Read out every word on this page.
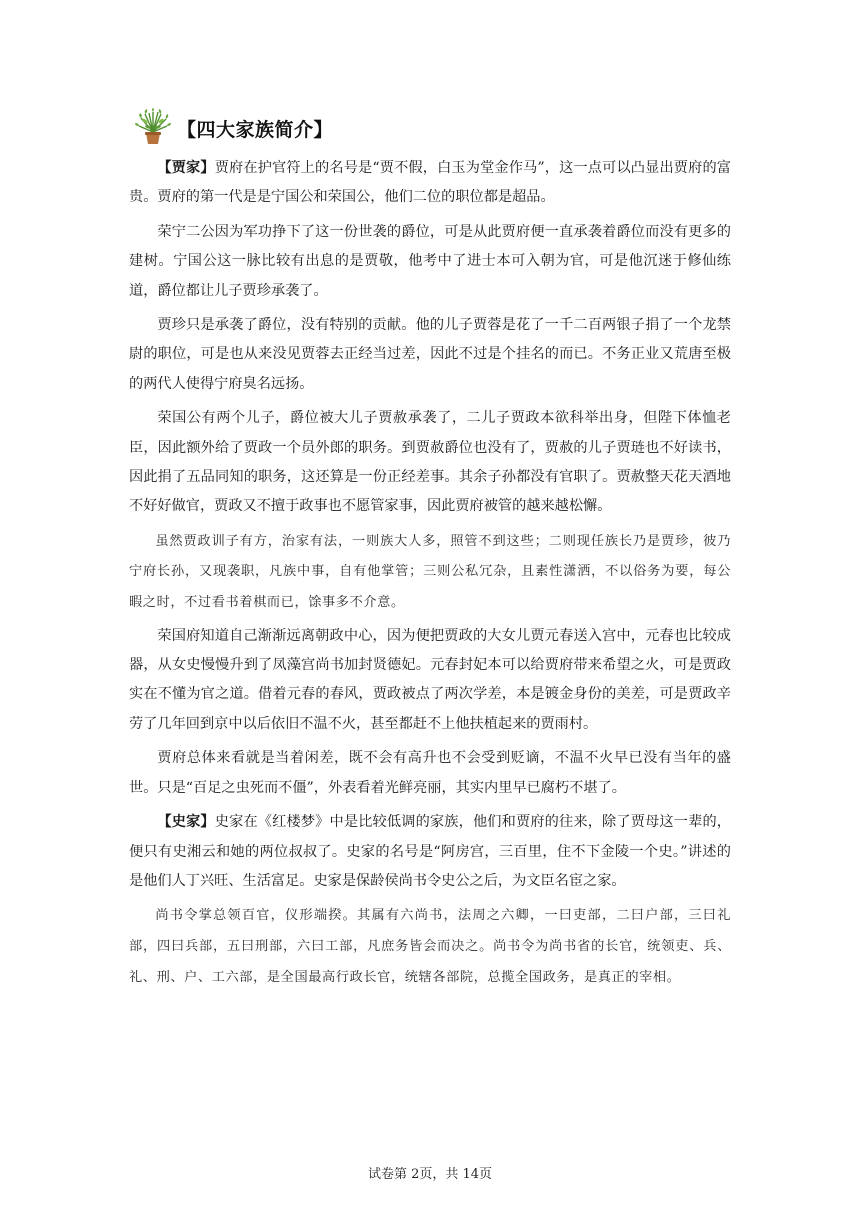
【四大家族简介】

【贾家】贾府在护官符上的名号是“贾不假，白玉为堂金作马”，这一点可以凸显出贾府的富贵。贾府的第一代是是宁国公和荣国公，他们二位的职位都是超品。

荣宁二公因为军功挣下了这一份世袭的爵位，可是从此贾府便一直承袭着爵位而没有更多的建树。宁国公这一脉比较有出息的是贾敬，他考中了进士本可入朝为官，可是他沉迷于修仙练道，爵位都让儿子贾珍承袭了。

贾珍只是承袭了爵位，没有特别的贡献。他的儿子贾蓉是花了一千二百两银子捐了一个龙禁尉的职位，可是也从来没见贾蓉去正经当过差，因此不过是个挂名的而已。不务正业又荒唐至极的两代人使得宁府臭名远扬。

荣国公有两个儿子，爵位被大儿子贾赦承袭了，二儿子贾政本欲科举出身，但陛下体恤老臣，因此额外给了贾政一个员外郎的职务。到贾赦爵位也没有了，贾赦的儿子贾琏也不好读书，因此捐了五品同知的职务，这还算是一份正经差事。其余子孙都没有官职了。贾赦整天花天酒地不好好做官，贾政又不擅于政事也不愿管家事，因此贾府被管的越来越松懈。

虽然贾政训子有方，治家有法，一则族大人多，照管不到这些；二则现任族长乃是贾珍，彼乃宁府长孙，又现袭职，凡族中事，自有他掌管；三则公私冗杂，且素性潇洒，不以俗务为要，每公暇之时，不过看书着棋而已，馀事多不介意。

荣国府知道自己渐渐远离朝政中心，因为便把贾政的大女儿贾元春送入宫中，元春也比较成器，从女史慢慢升到了凤藻宫尚书加封贤德妃。元春封妃本可以给贾府带来希望之火，可是贾政实在不懂为官之道。借着元春的春风，贾政被点了两次学差，本是镀金身份的美差，可是贾政辛劳了几年回到京中以后依旧不温不火，甚至都赶不上他扶植起来的贾雨村。

贾府总体来看就是当着闲差，既不会有高升也不会受到贬谪，不温不火早已没有当年的盛世。只是“百足之虫死而不僵”，外表看着光鲜亮丽，其实内里早已腐朽不堪了。

【史家】史家在《红楼梦》中是比较低调的家族，他们和贾府的往来，除了贾母这一辈的，便只有史湘云和她的两位叔叔了。史家的名号是“阿房宫，三百里，住不下金陵一个史。”讲述的是他们人丁兴旺、生活富足。史家是保龄侯尚书令史公之后，为文臣名宦之家。

尚书令掌总领百官，仪形端揆。其属有六尚书，法周之六卿，一曰吏部，二曰户部，三曰礼部，四曰兵部，五曰刑部，六曰工部，凡庶务皆会而决之。尚书令为尚书省的长官，统领吏、兵、礼、刑、户、工六部，是全国最高行政长官，统辖各部院，总揽全国政务，是真正的宰相。

试卷第 2页，共 14页
